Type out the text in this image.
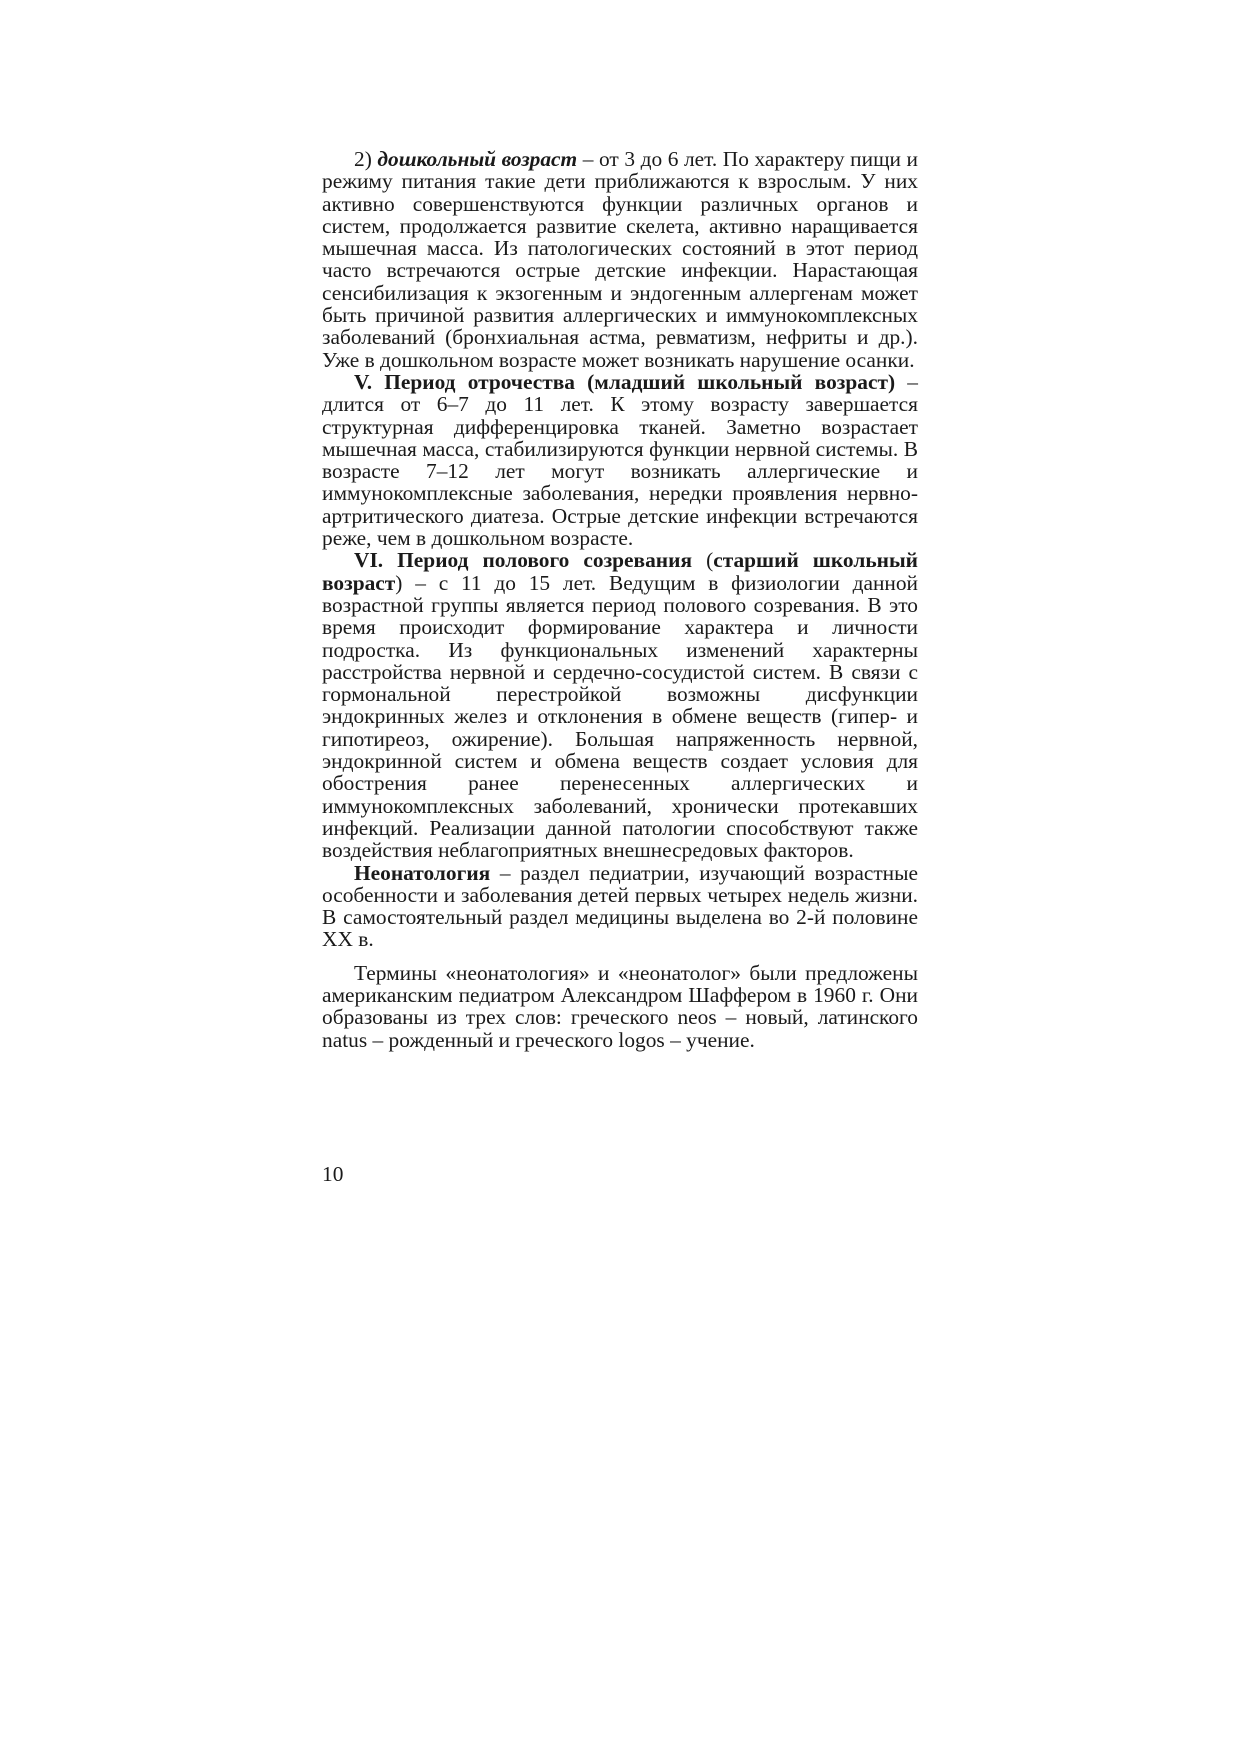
2) дошкольный возраст – от 3 до 6 лет. По характеру пищи и режиму питания такие дети приближаются к взрослым. У них активно совершенствуются функции различных органов и систем, продолжается развитие скелета, активно наращивается мышечная масса. Из патологических состояний в этот период часто встречаются острые детские инфекции. Нарастающая сенсибилизация к экзогенным и эндогенным аллергенам может быть причиной развития аллергических и иммунокомплексных заболеваний (бронхиальная астма, ревматизм, нефриты и др.). Уже в дошкольном возрасте может возникать нарушение осанки.

V. Период отрочества (младший школьный возраст) – длится от 6–7 до 11 лет. К этому возрасту завершается структурная дифференцировка тканей. Заметно возрастает мышечная масса, стабилизируются функции нервной системы. В возрасте 7–12 лет могут возникать аллергические и иммунокомплексные заболевания, нередки проявления нервно-артритического диатеза. Острые детские инфекции встречаются реже, чем в дошкольном возрасте.

VI. Период полового созревания (старший школьный возраст) – с 11 до 15 лет. Ведущим в физиологии данной возрастной группы является период полового созревания. В это время происходит формирование характера и личности подростка. Из функциональных изменений характерны расстройства нервной и сердечно-сосудистой систем. В связи с гормональной перестройкой возможны дисфункции эндокринных желез и отклонения в обмене веществ (гипер- и гипотиреоз, ожирение). Большая напряженность нервной, эндокринной систем и обмена веществ создает условия для обострения ранее перенесенных аллергических и иммунокомплексных заболеваний, хронически протекавших инфекций. Реализации данной патологии способствуют также воздействия неблагоприятных внешнесредовых факторов.

Неонатология – раздел педиатрии, изучающий возрастные особенности и заболевания детей первых четырех недель жизни. В самостоятельный раздел медицины выделена во 2-й половине XX в.

Термины «неонатология» и «неонатолог» были предложены американским педиатром Александром Шаффером в 1960 г. Они образованы из трех слов: греческого neos – новый, латинского natus – рожденный и греческого logos – учение.

10
